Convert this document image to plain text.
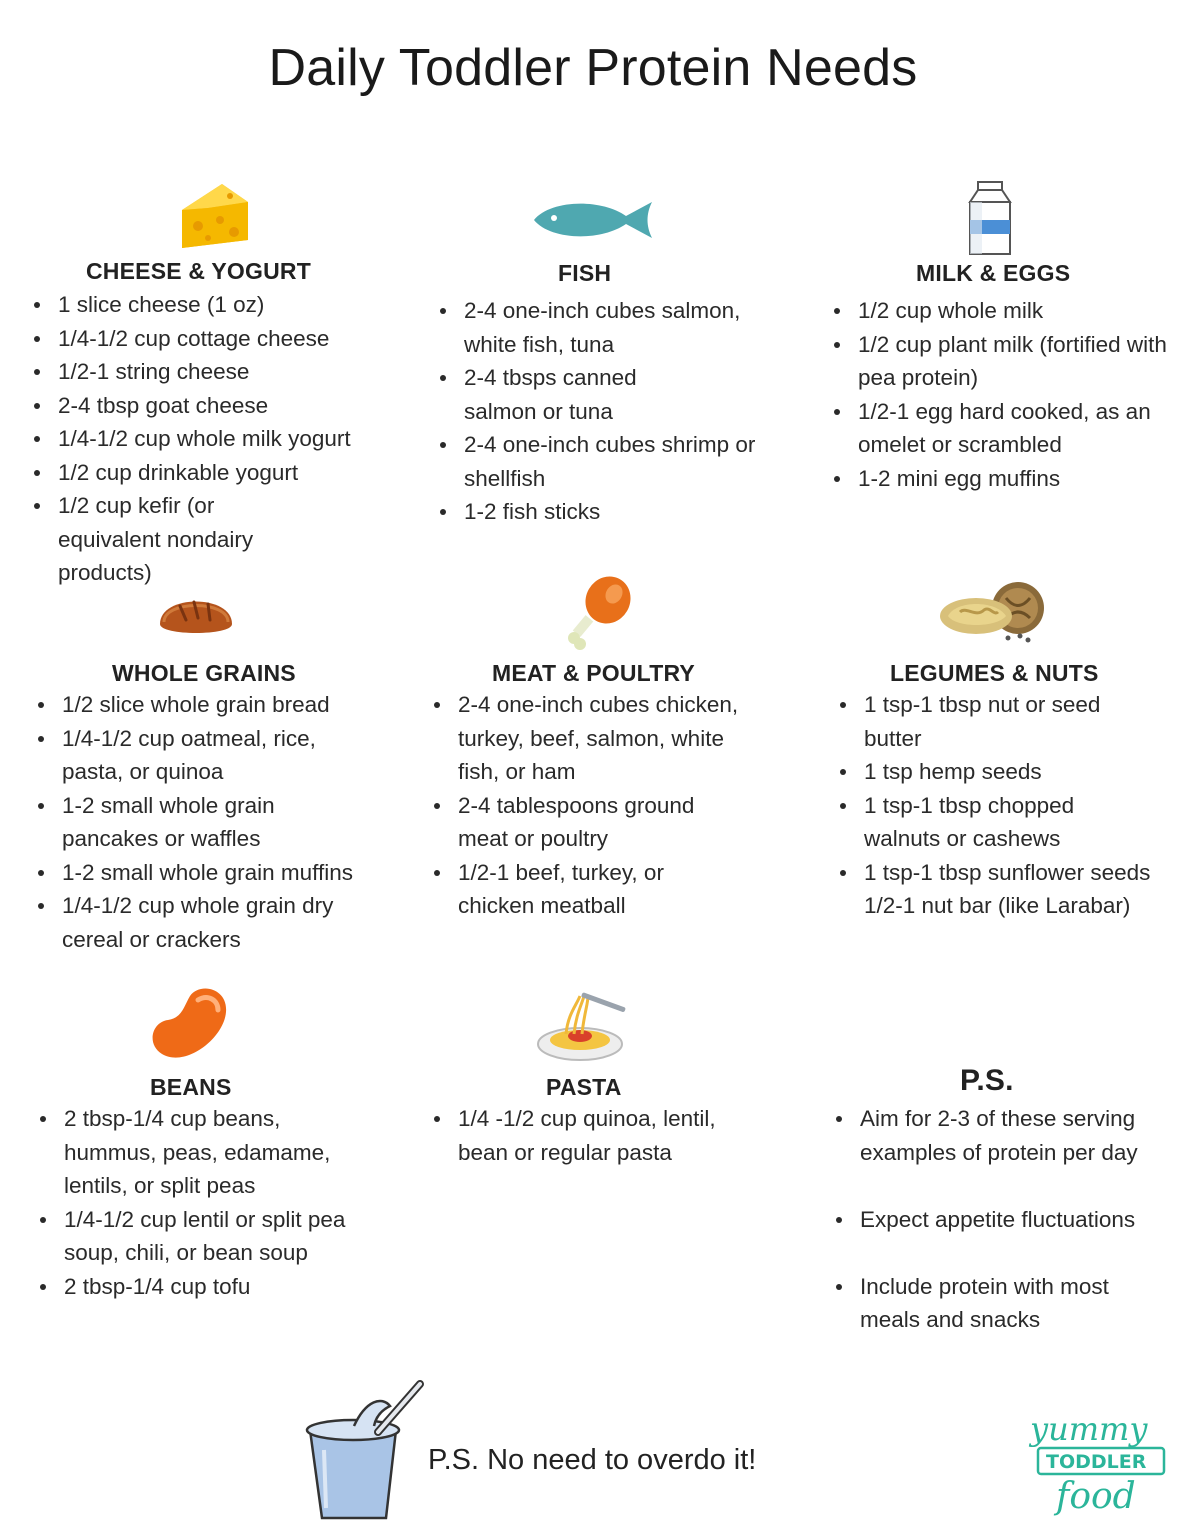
Daily Toddler Protein Needs
CHEESE & YOGURT
1 slice cheese (1 oz)
1/4-1/2 cup cottage cheese
1/2-1 string cheese
2-4 tbsp goat cheese
1/4-1/2 cup whole milk yogurt
1/2 cup drinkable yogurt
1/2 cup kefir (or equivalent nondairy products)
FISH
2-4 one-inch cubes salmon, white fish, tuna
2-4 tbsps canned salmon or tuna
2-4 one-inch cubes shrimp or shellfish
1-2 fish sticks
MILK & EGGS
1/2 cup whole milk
1/2 cup plant milk (fortified with pea protein)
1/2-1 egg hard cooked, as an omelet or scrambled
1-2 mini egg muffins
WHOLE GRAINS
1/2 slice whole grain bread
1/4-1/2 cup oatmeal, rice, pasta, or quinoa
1-2 small whole grain pancakes or waffles
1-2 small whole grain muffins
1/4-1/2 cup whole grain dry cereal or crackers
MEAT & POULTRY
2-4 one-inch cubes chicken, turkey, beef, salmon, white fish, or ham
2-4 tablespoons ground meat or poultry
1/2-1 beef, turkey, or chicken meatball
LEGUMES & NUTS
1 tsp-1 tbsp nut or seed butter
1 tsp hemp seeds
1 tsp-1 tbsp chopped walnuts or cashews
1 tsp-1 tbsp sunflower seeds 1/2-1 nut bar (like Larabar)
BEANS
2 tbsp-1/4 cup beans, hummus, peas, edamame, lentils, or split peas
1/4-1/2 cup lentil or split pea soup, chili, or bean soup
2 tbsp-1/4 cup tofu
PASTA
1/4 -1/2 cup quinoa, lentil, bean or regular pasta
P.S.
Aim for 2-3 of these serving examples of protein per day
Expect appetite fluctuations
Include protein with most meals and snacks
P.S. No need to overdo it!
yummy
TODDLER
food
